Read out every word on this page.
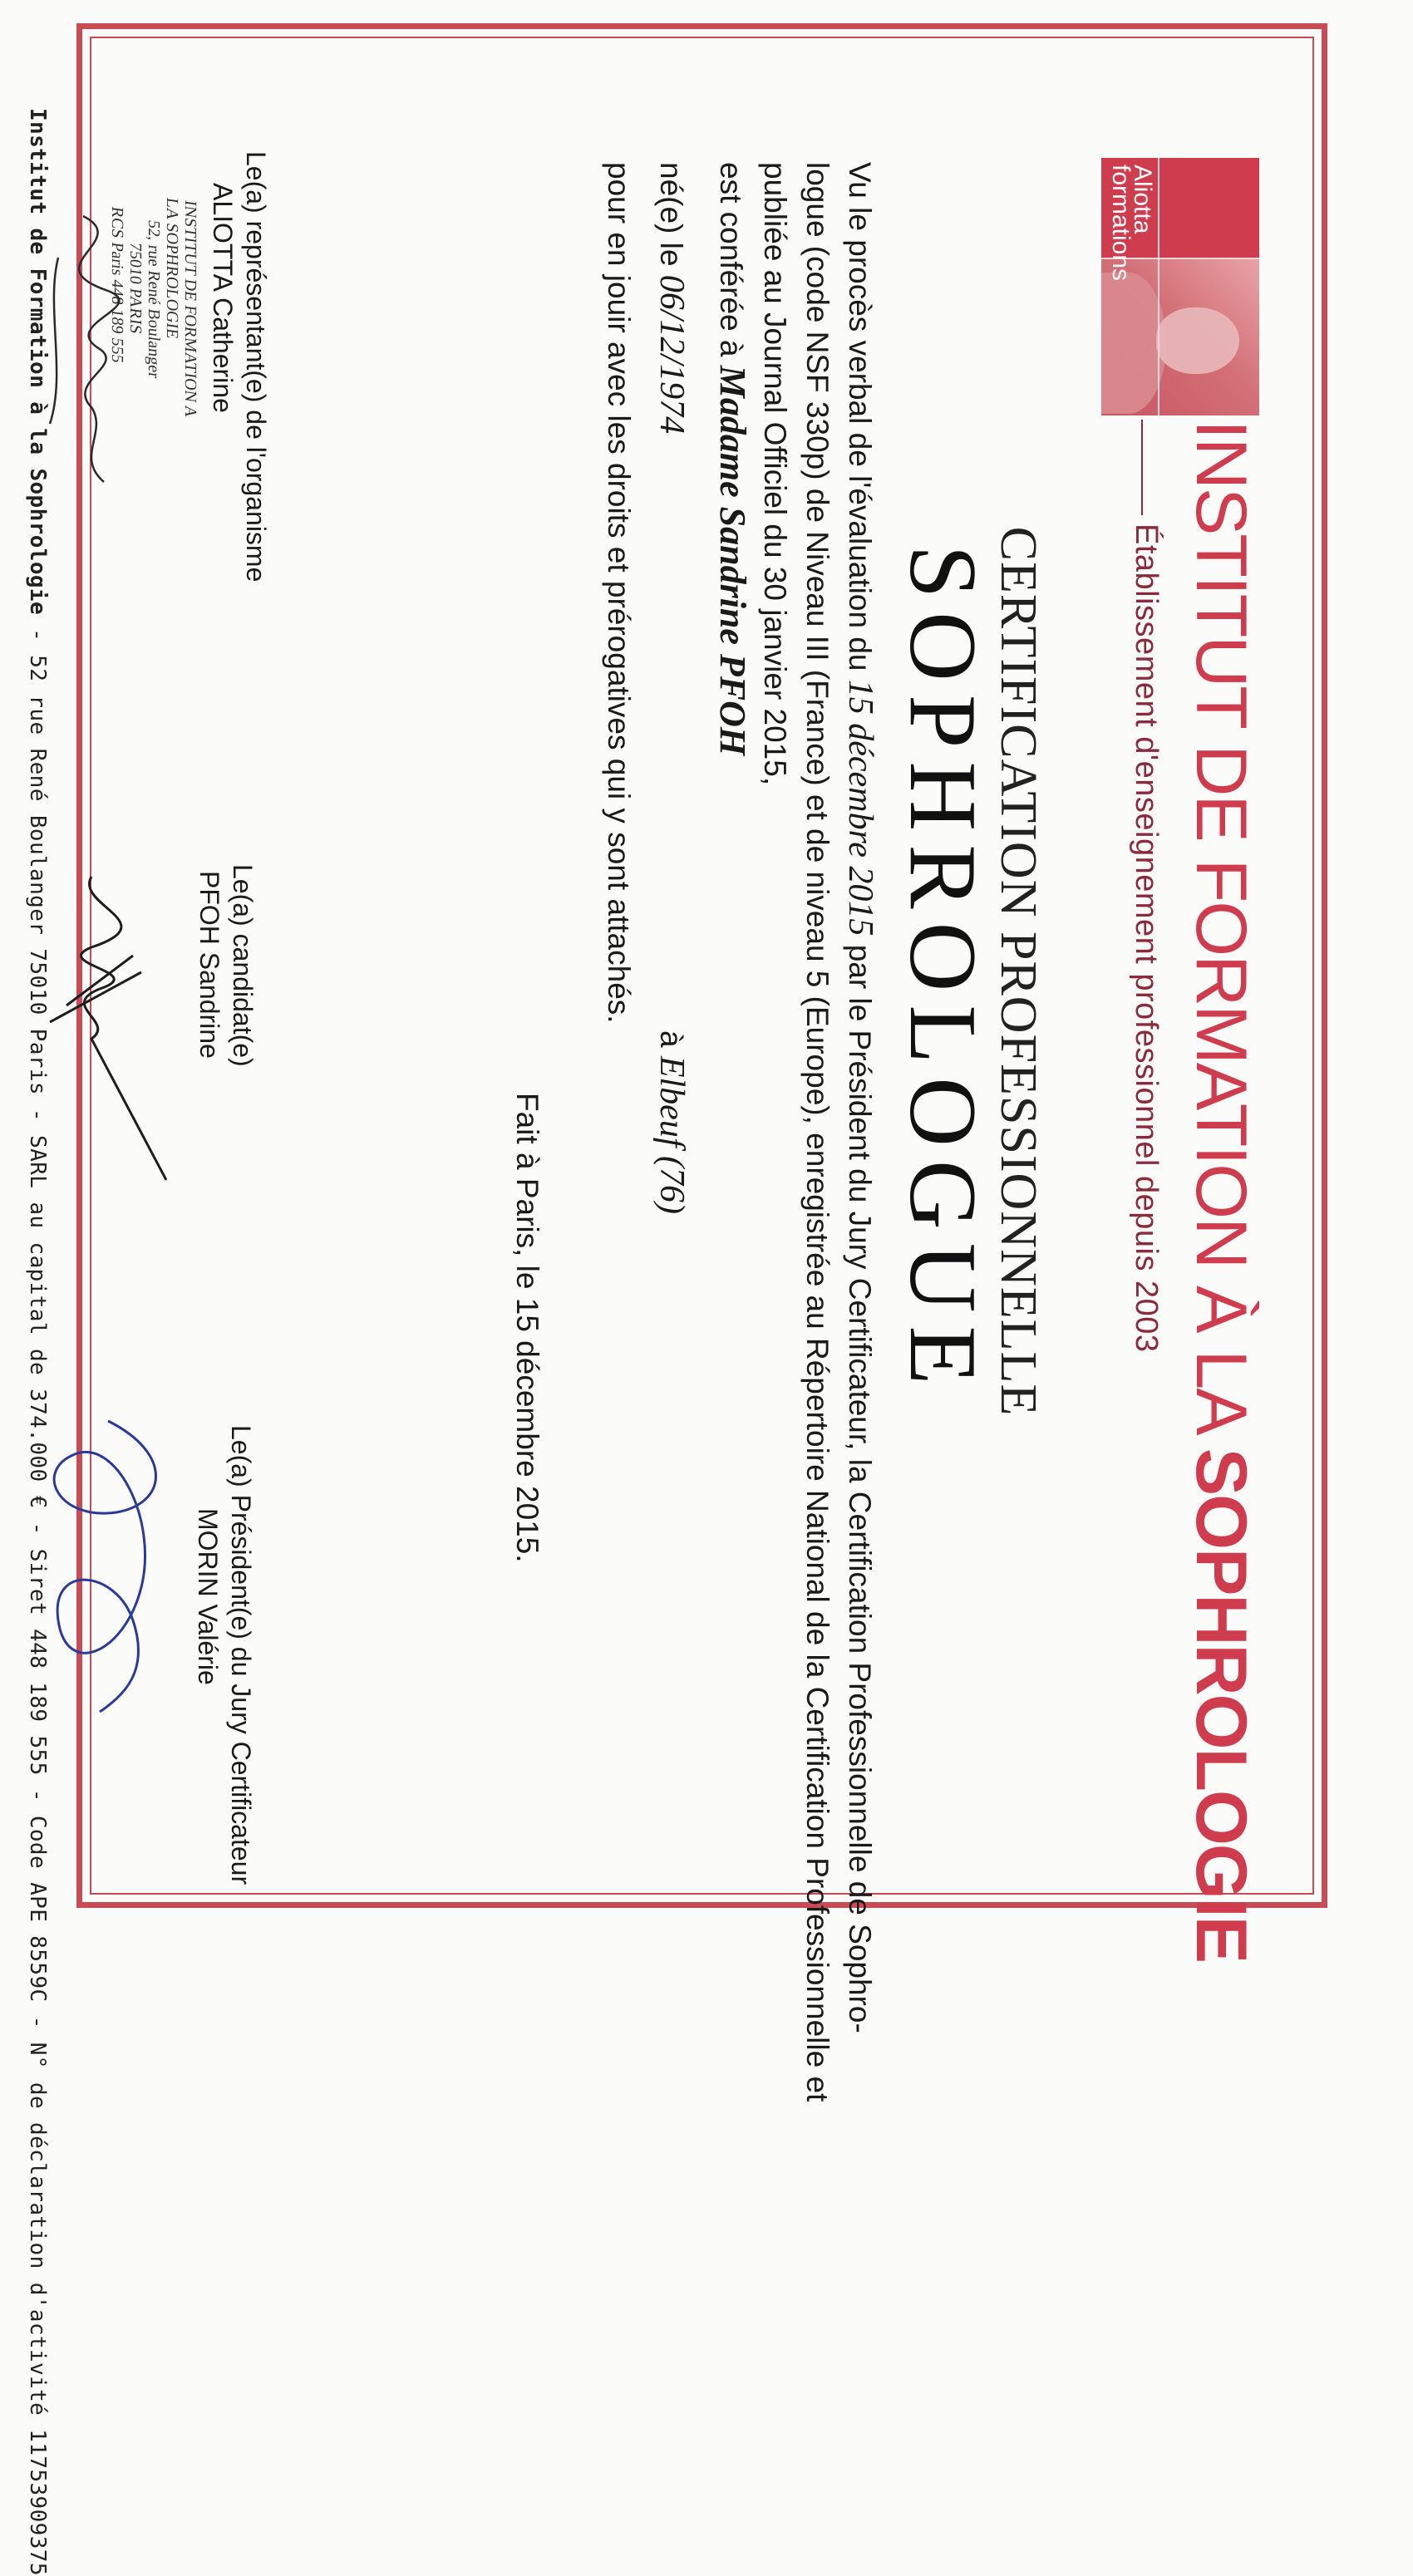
Aliotta
formations
INSTITUT DE FORMATION À LA SOPHROLOGIE
Établissement d'enseignement professionnel depuis 2003
CERTIFICATION PROFESSIONNELLE
SOPHROLOGUE
Vu le procès verbal de l'évaluation du 15 décembre 2015 par le Président du Jury Certificateur, la Certification Professionnelle de Sophro-
logue (code NSF 330p) de Niveau III (France) et de niveau 5 (Europe), enregistrée au Répertoire National de la Certification Professionnelle et
publiée au Journal Officiel du 30 janvier 2015,
est conférée à Madame Sandrine PFOH
né(e) le 06/12/1974
à Elbeuf (76)
pour en jouir avec les droits et prérogatives qui y sont attachés.
Fait à Paris, le 15 décembre 2015.
Le(a) représentant(e) de l'organisme
ALIOTTA Catherine
INSTITUT DE FORMATION A LA SOPHROLOGIE
52, rue René Boulanger
75010 PARIS
RCS Paris 448 189 555
Le(a) candidat(e)
PFOH Sandrine
Le(a) Président(e) du Jury Certificateur
MORIN Valérie
Institut de Formation à la Sophrologie - 52 rue René Boulanger 75010 Paris - SARL au capital de 374.000 € - Siret 448 189 555 - Code APE 8559C - N° de déclaration d'activité 11753909375
